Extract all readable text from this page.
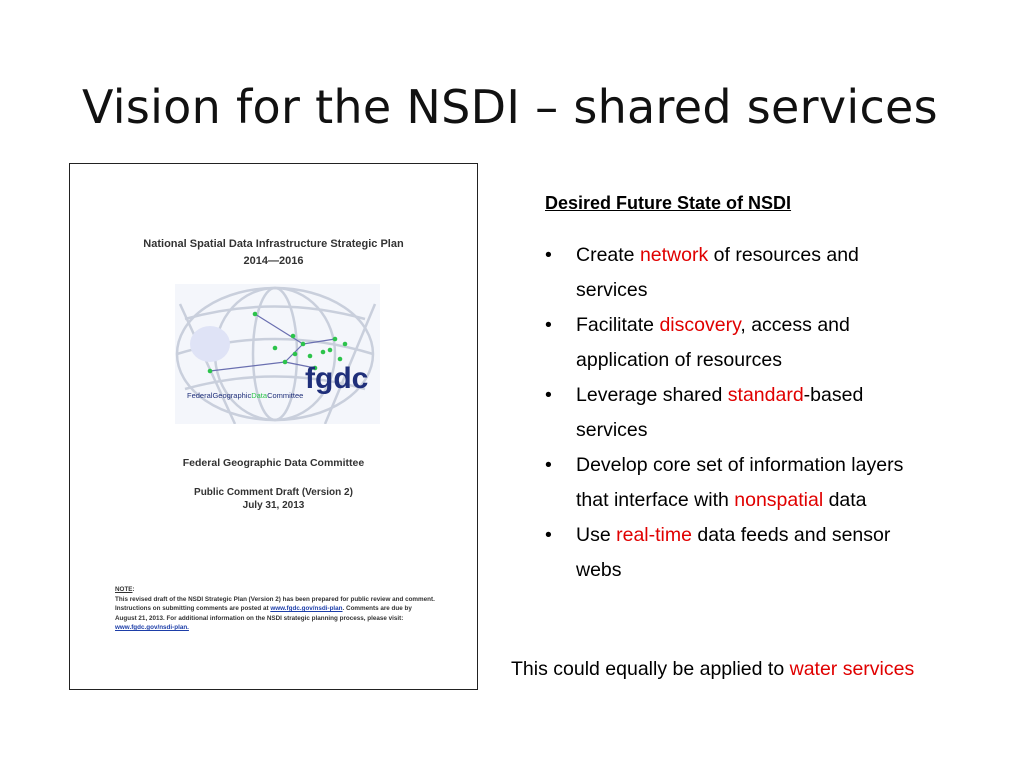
Vision for the NSDI – shared services
National Spatial Data Infrastructure Strategic Plan
2014—2016
fgdc
FederalGeographicDataCommittee
Federal Geographic Data Committee
Public Comment Draft (Version 2)
July 31, 2013
NOTE:
This revised draft of the NSDI Strategic Plan (Version 2) has been prepared for public review and comment. Instructions on submitting comments are posted at www.fgdc.gov/nsdi-plan. Comments are due by August 21, 2013. For additional information on the NSDI strategic planning process, please visit: www.fgdc.gov/nsdi-plan.
Desired Future State of NSDI
• Create network of resources and services
• Facilitate discovery, access and application of resources
• Leverage shared standard-based services
• Develop core set of information layers that interface with nonspatial data
• Use real-time data feeds and sensor webs
This could equally be applied to water services
